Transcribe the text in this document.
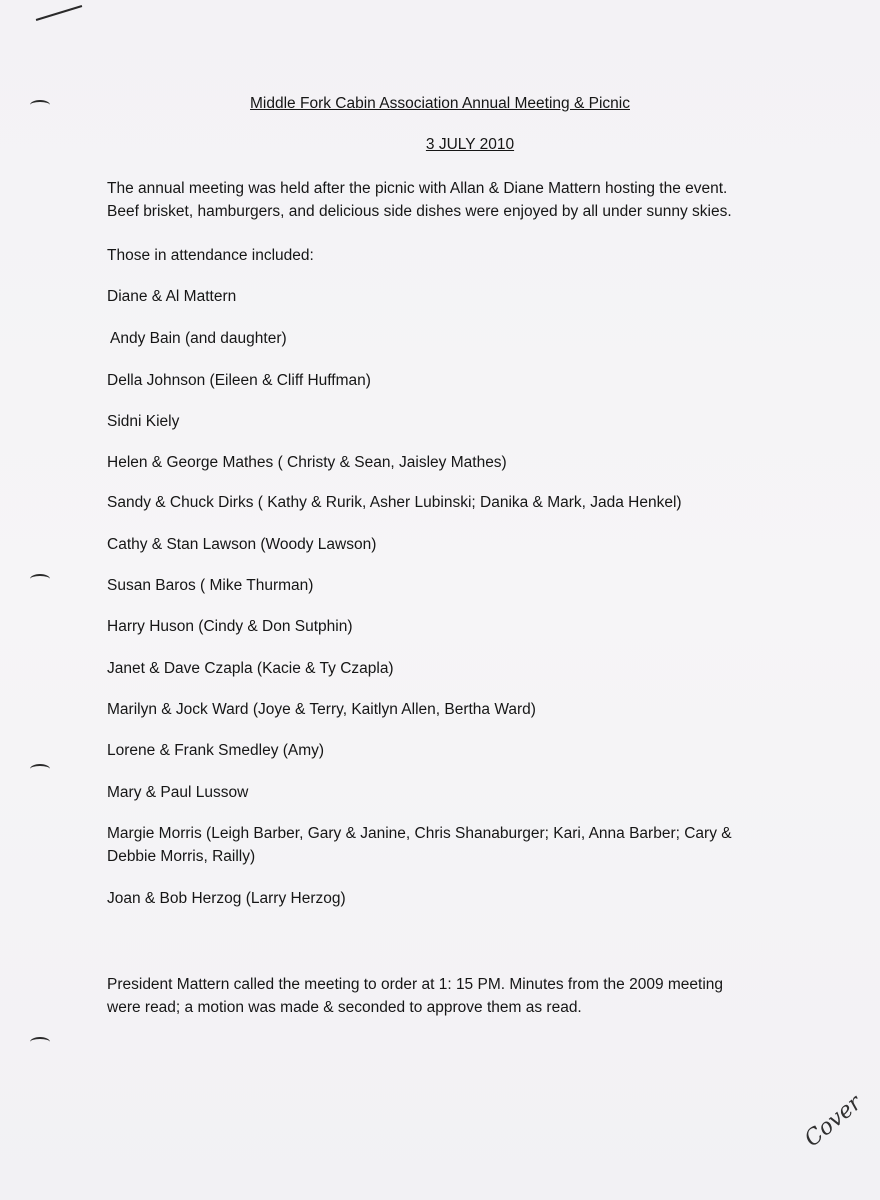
Middle Fork Cabin Association Annual Meeting & Picnic
3 JULY 2010
The annual meeting was held after the picnic with Allan & Diane Mattern hosting the event.
Beef brisket, hamburgers, and delicious side dishes were enjoyed by all under sunny skies.
Those in attendance included:
Diane & Al Mattern
Andy Bain (and daughter)
Della Johnson (Eileen & Cliff Huffman)
Sidni Kiely
Helen & George Mathes ( Christy & Sean, Jaisley Mathes)
Sandy & Chuck Dirks ( Kathy & Rurik, Asher Lubinski; Danika & Mark, Jada Henkel)
Cathy & Stan Lawson (Woody Lawson)
Susan Baros ( Mike Thurman)
Harry Huson (Cindy & Don Sutphin)
Janet & Dave Czapla (Kacie & Ty Czapla)
Marilyn & Jock Ward (Joye & Terry, Kaitlyn Allen, Bertha Ward)
Lorene & Frank Smedley (Amy)
Mary & Paul Lussow
Margie Morris (Leigh Barber, Gary & Janine, Chris Shanaburger; Kari, Anna Barber; Cary &
Debbie Morris, Railly)
Joan & Bob Herzog (Larry Herzog)
President Mattern called the meeting to order at 1: 15 PM. Minutes from the 2009 meeting
were read; a motion was made & seconded to approve them as read.
Cover
